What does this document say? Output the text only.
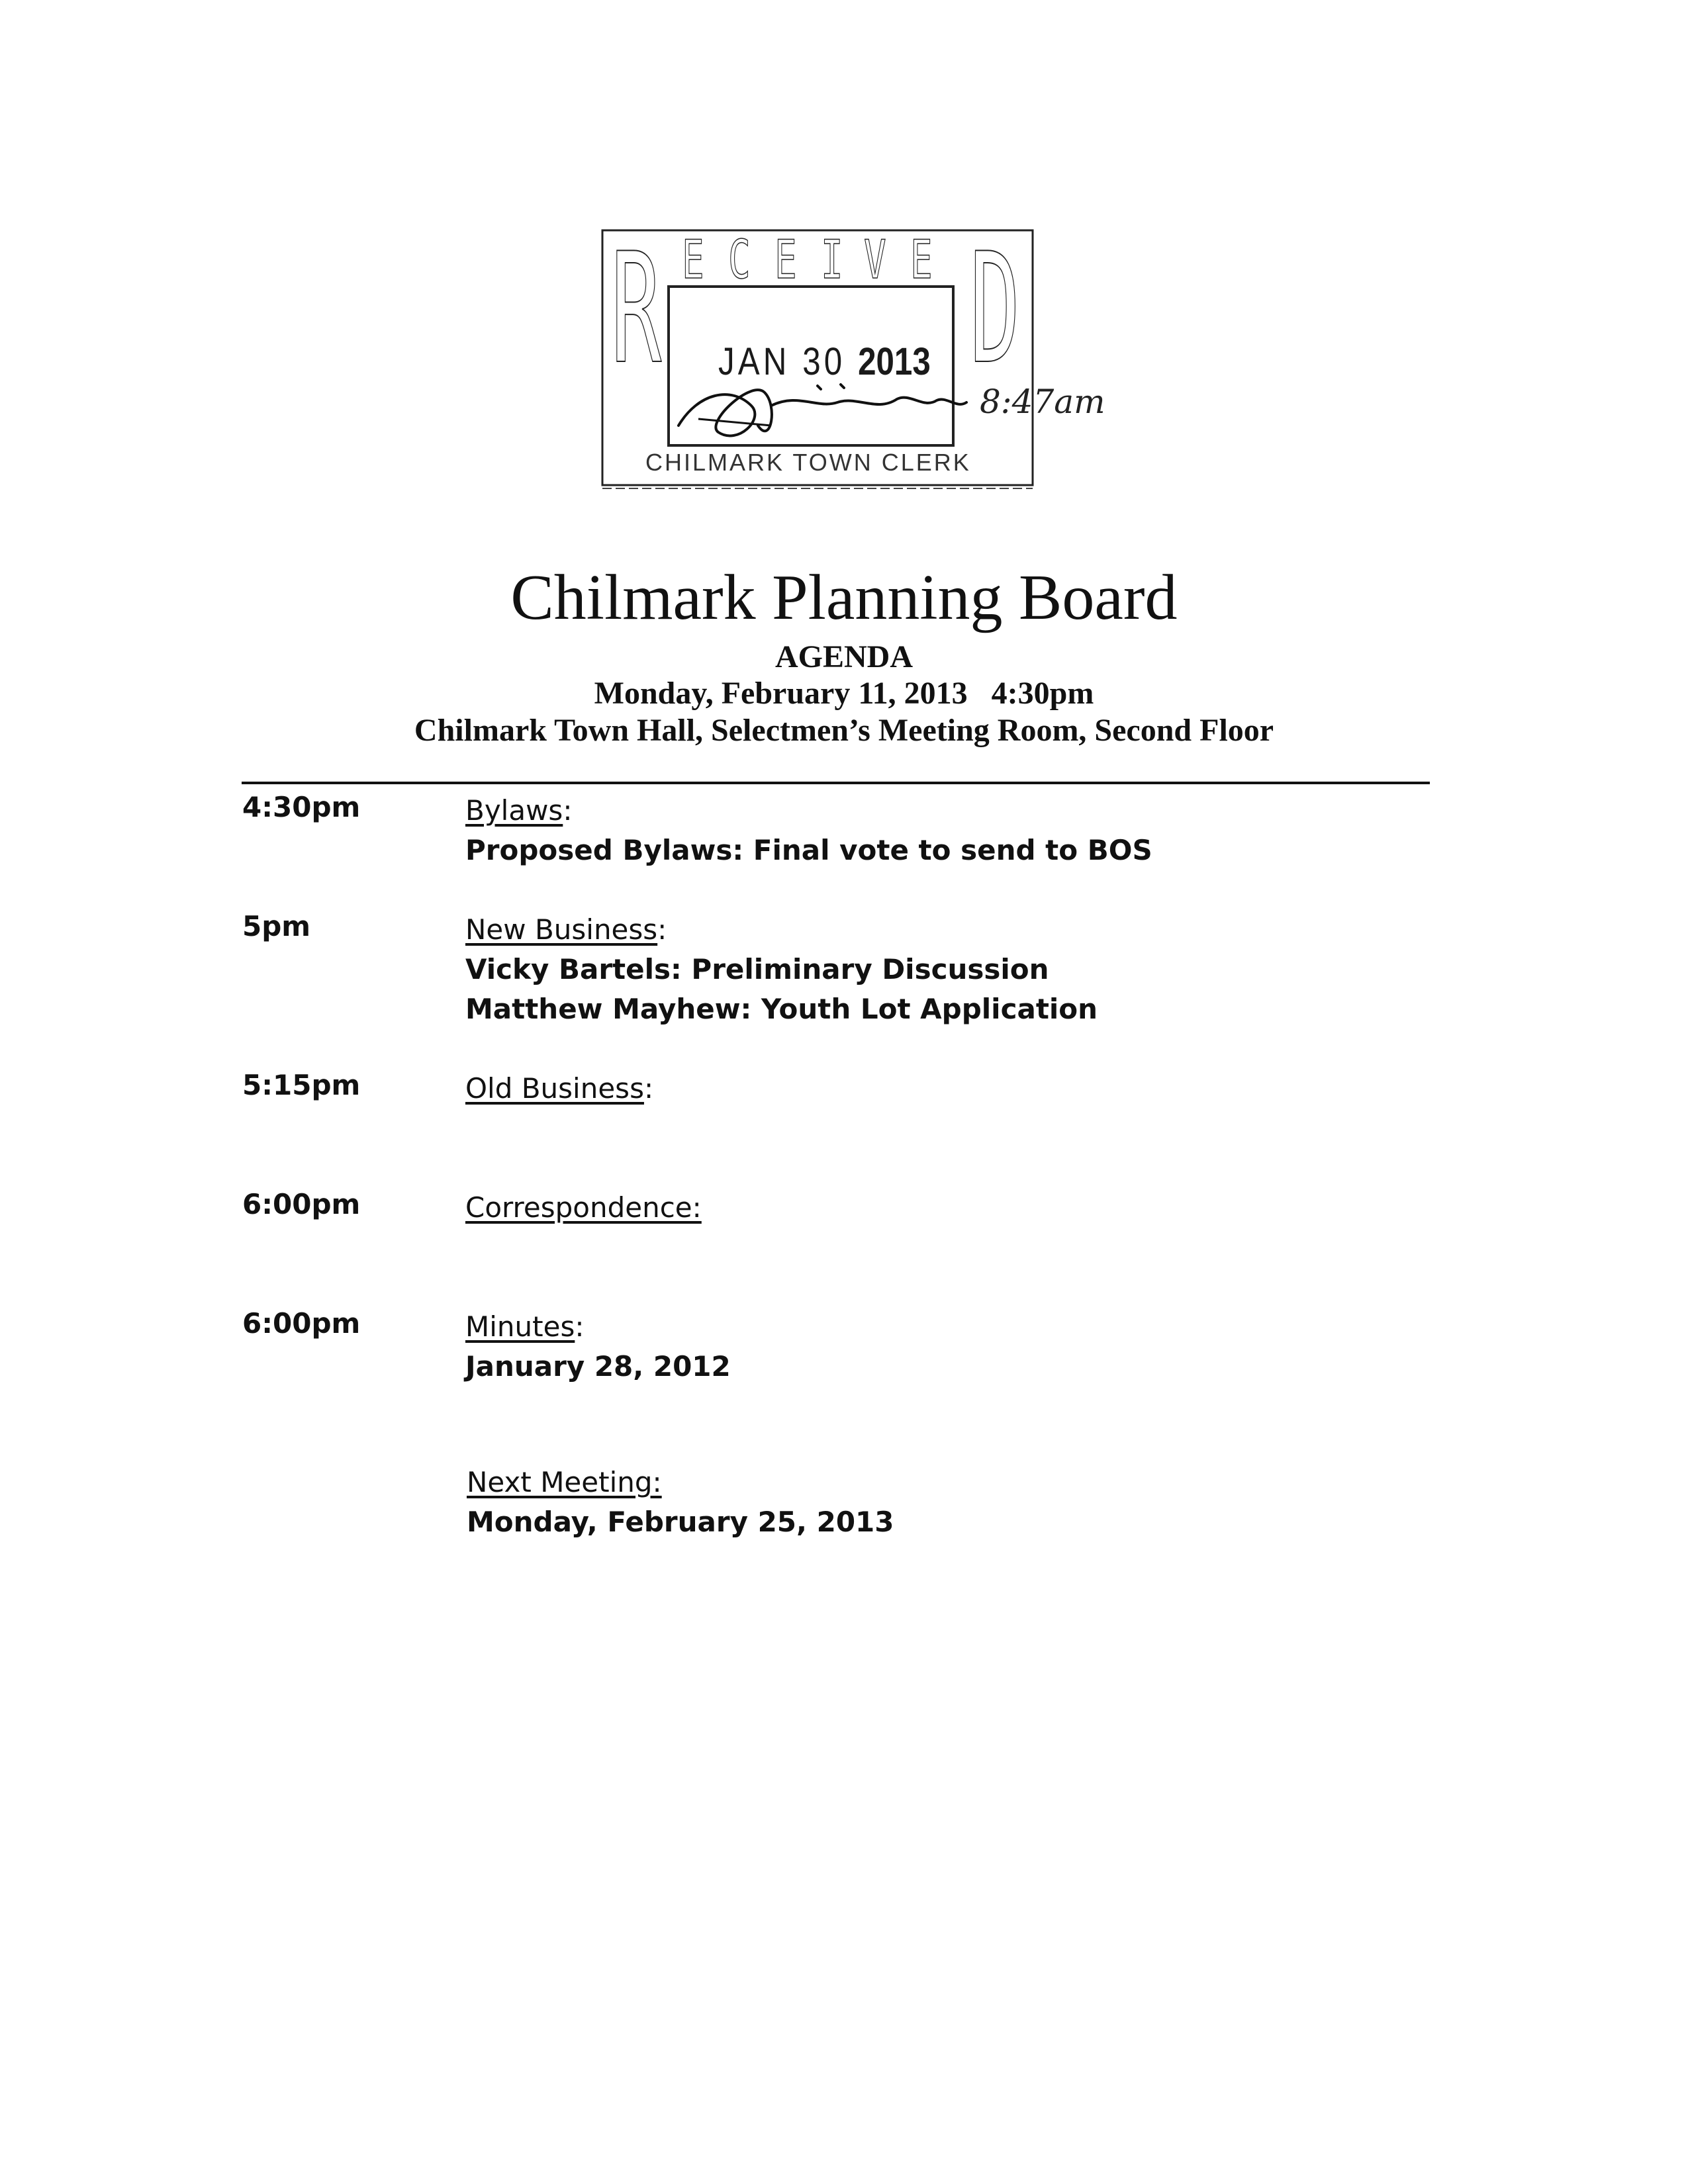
R E C E I V E D
JAN 30 2013
CHILMARK TOWN CLERK
8:47am
Chilmark Planning Board
AGENDA
Monday, February 11, 2013   4:30pm
Chilmark Town Hall, Selectmen’s Meeting Room, Second Floor
4:30pm	Bylaws:
Proposed Bylaws: Final vote to send to BOS
5pm	New Business:
Vicky Bartels: Preliminary Discussion
Matthew Mayhew: Youth Lot Application
5:15pm	Old Business:
6:00pm	Correspondence:
6:00pm	Minutes:
January 28, 2012
Next Meeting:
Monday, February 25, 2013
